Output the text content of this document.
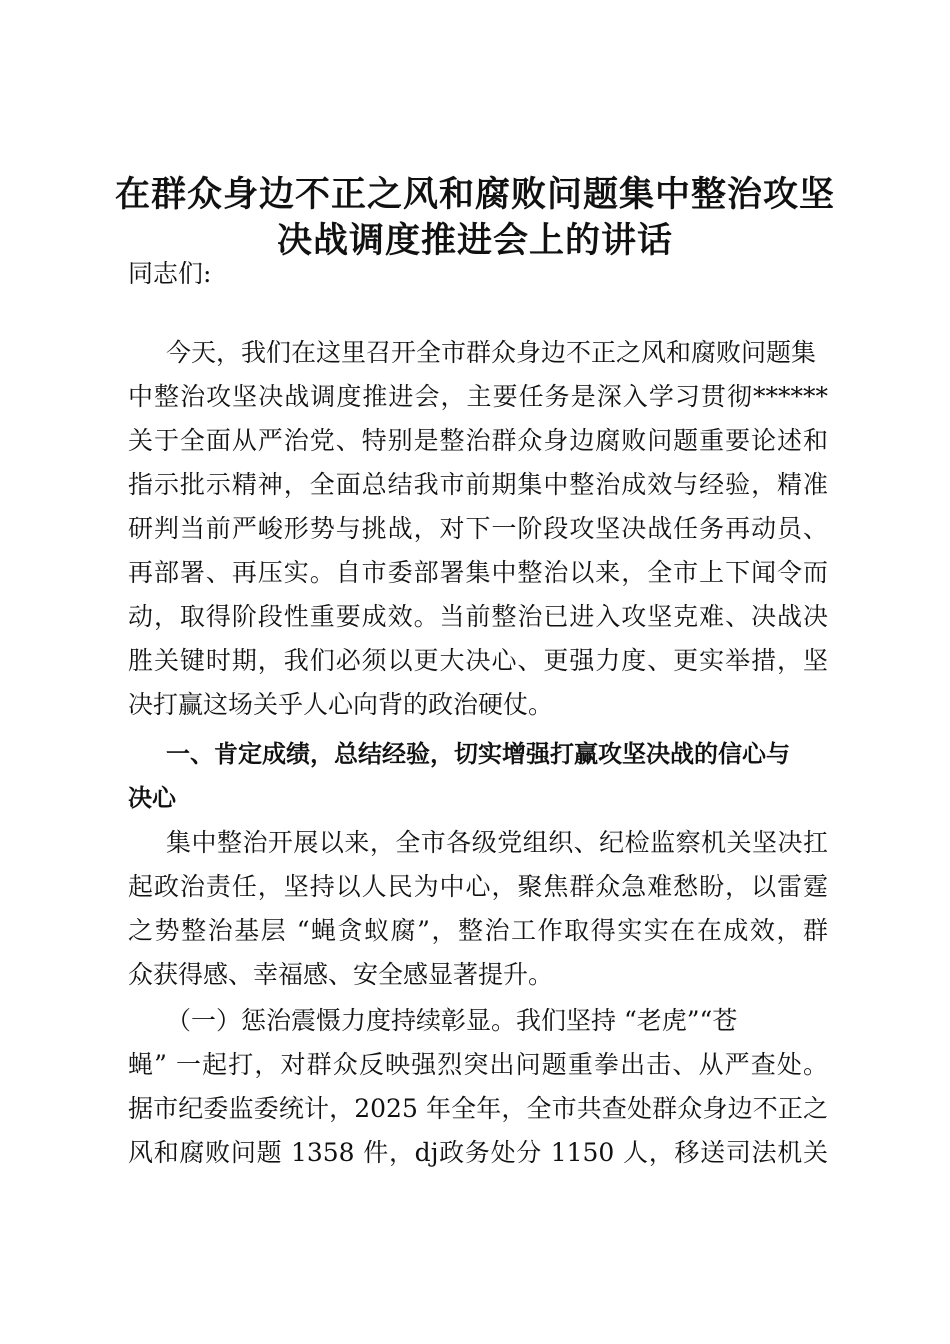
在群众身边不正之风和腐败问题集中整治攻坚
决战调度推进会上的讲话
同志们:
今天，我们在这里召开全市群众身边不正之风和腐败问题集
中整治攻坚决战调度推进会，主要任务是深入学习贯彻******
关于全面从严治党、特别是整治群众身边腐败问题重要论述和
指示批示精神，全面总结我市前期集中整治成效与经验，精准
研判当前严峻形势与挑战，对下一阶段攻坚决战任务再动员、
再部署、再压实。自市委部署集中整治以来，全市上下闻令而
动，取得阶段性重要成效。当前整治已进入攻坚克难、决战决
胜关键时期，我们必须以更大决心、更强力度、更实举措，坚
决打赢这场关乎人心向背的政治硬仗。
一、肯定成绩，总结经验，切实增强打赢攻坚决战的信心与
决心
集中整治开展以来，全市各级党组织、纪检监察机关坚决扛
起政治责任，坚持以人民为中心，聚焦群众急难愁盼，以雷霆
之势整治基层 “蝇贪蚁腐”，整治工作取得实实在在成效，群
众获得感、幸福感、安全感显著提升。
（一）惩治震慑力度持续彰显。我们坚持 “老虎”“苍
蝇” 一起打，对群众反映强烈突出问题重拳出击、从严查处。
据市纪委监委统计，2025 年全年，全市共查处群众身边不正之
风和腐败问题 1358 件，dj政务处分 1150 人，移送司法机关
